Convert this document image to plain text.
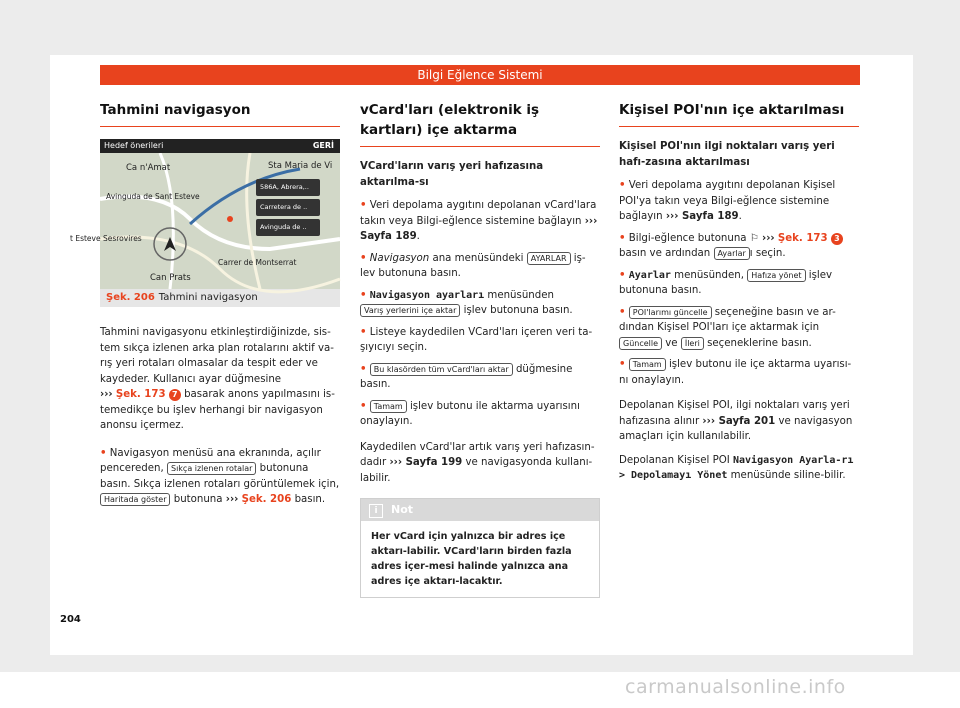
Bilgi Eğlence Sistemi
Tahmini navigasyon
Hedef önerileri	GERİ
Ca n'Amat	Sta Maria de Vi
Avinguda de Sant Esteve
t Esteve Sesrovires
Carrer de Montserrat
Can Prats
586A, Abrera,..
Carretera de ..
Avinguda de ..
Şek. 206 Tahmini navigasyon

Tahmini navigasyonu etkinleştirdiğinizde, sis-tem sıkça izlenen arka plan rotalarını aktif va-rış yeri rotaları olmasalar da tespit eder ve kaydeder. Kullanıcı ayar düğmesine
››› Şek. 173 7 basarak anons yapılmasını is-temedikçe bu işlev herhangi bir navigasyon anonsu içermez.

• Navigasyon menüsü ana ekranında, açılır pencereden, Sıkça izlenen rotalar butonuna basın. Sıkça izlenen rotaları görüntülemek için, Haritada göster butonuna ››› Şek. 206 basın.

vCard'ları (elektronik iş kartları) içe aktarma

VCard'ların varış yeri hafızasına aktarılma-sı

• Veri depolama aygıtını depolanan vCard'lara takın veya Bilgi-eğlence sistemine bağlayın ››› Sayfa 189.

• Navigasyon ana menüsündeki AYARLAR iş-lev butonuna basın.

• Navigasyon ayarları menüsünden Varış yerlerini içe aktar işlev butonuna basın.

• Listeye kaydedilen VCard'ları içeren veri ta-şıyıcıyı seçin.

• Bu klasörden tüm vCard'ları aktar düğmesine basın.

• Tamam işlev butonu ile aktarma uyarısını onaylayın.

Kaydedilen vCard'lar artık varış yeri hafızasın-dadır ››› Sayfa 199 ve navigasyonda kullanı-labilir.

i Not
Her vCard için yalnızca bir adres içe aktarı-labilir. VCard'ların birden fazla adres içer-mesi halinde yalnızca ana adres içe aktarı-lacaktır.
Kişisel POI'nın içe aktarılması

Kişisel POI'nın ilgi noktaları varış yeri hafı-zasına aktarılması

• Veri depolama aygıtını depolanan Kişisel POI'ya takın veya Bilgi-eğlence sistemine bağlayın ››› Sayfa 189.

• Bilgi-eğlence butonuna ⚐ ››› Şek. 173 3 basın ve ardından Ayarlar ı seçin.

• Ayarlar menüsünden, Hafıza yönet işlev butonuna basın.

• POI'larımı güncelle seçeneğine basın ve ar-dından Kişisel POI'ları içe aktarmak için Güncelle ve İleri seçeneklerine basın.

• Tamam işlev butonu ile içe aktarma uyarısı-nı onaylayın.

Depolanan Kişisel POI, ilgi noktaları varış yeri hafızasına alınır ››› Sayfa 201 ve navigasyon amaçları için kullanılabilir.

Depolanan Kişisel POI Navigasyon Ayarla-rı > Depolamayı Yönet menüsünde siline-bilir.

204
carmanualsonline.info
